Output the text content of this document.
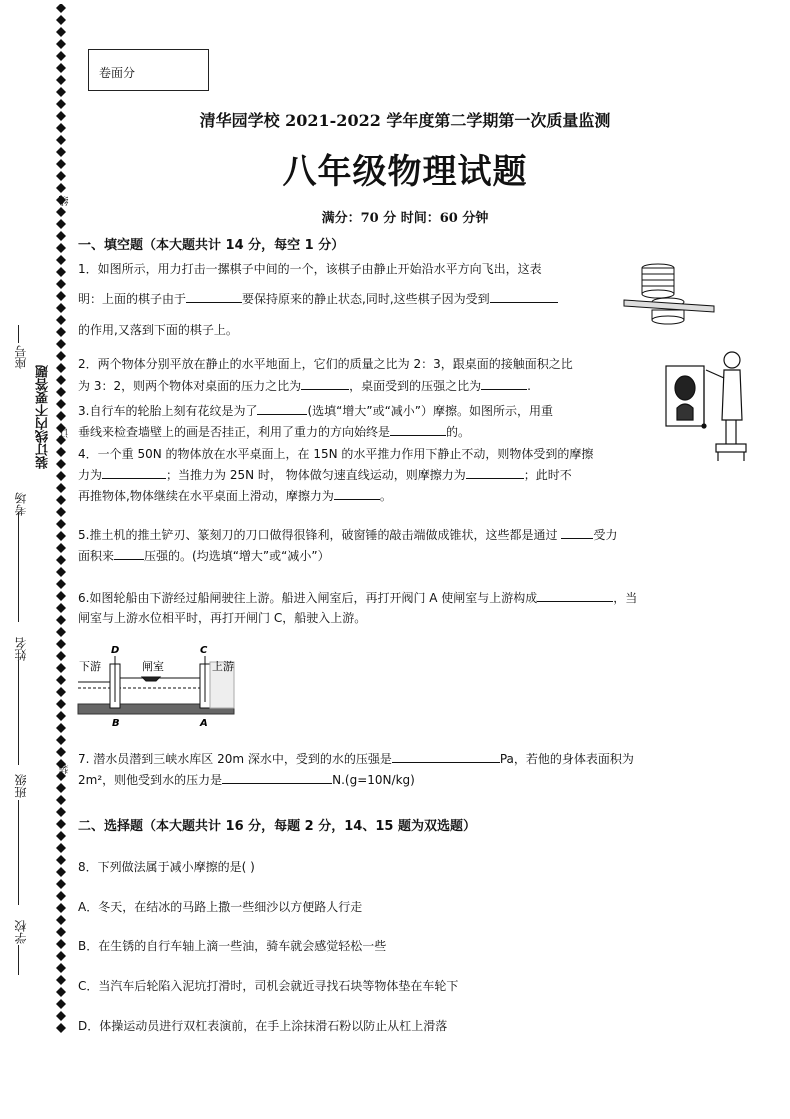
线
座号
装订线内不要答题 订
考场
姓名
装
班级
学校
卷面分
清华园学校 2021-2022 学年度第二学期第一次质量监测
八年级物理试题
满分：70 分 时间：60 分钟
一、填空题（本大题共计 14 分，每空 1 分）
1．如图所示，用力打击一摞棋子中间的一个，该棋子由静止开始沿水平方向飞出，这表
明：上面的棋子由于	要保持原来的静止状态,同时,这些棋子因为受到
的作用,又落到下面的棋子上。
2．两个物体分别平放在静止的水平地面上，它们的质量之比为 2：3，跟桌面的接触面积之比
为 3：2，则两个物体对桌面的压力之比为	，桌面受到的压强之比为	.
3.自行车的轮胎上刻有花纹是为了	(选填“增大”或“减小”）摩擦。如图所示，用重
垂线来检查墙壁上的画是否挂正，利用了重力的方向始终是	的。
4．一个重 50N 的物体放在水平桌面上，在 15N 的水平推力作用下静止不动，则物体受到的摩擦
力为	；当推力为 25N 时， 物体做匀速直线运动，则摩擦力为	；此时不
再推物体,物体继续在水平桌面上滑动，摩擦力为	。
5.推土机的推土铲刃、篆刻刀的刀口做得很锋利，破窗锤的敲击端做成锥状，这些都是通过	受力
面积来	压强的。(均选填“增大”或“减小”）
6.如图轮船由下游经过船闸驶往上游。船进入闸室后，再打开阀门 A 使闸室与上游构成	，当
闸室与上游水位相平时，再打开闸门 C，船驶入上游。
下游	闸室	上游
D	C
B	A
7. 潜水员潜到三峡水库区 20m 深水中，受到的水的压强是	Pa，若他的身体表面积为
2m²，则他受到水的压力是	N.(g=10N/kg)
二、选择题（本大题共计 16 分，每题 2 分，14、15 题为双选题）
8．下列做法属于减小摩擦的是( )
A．冬天，在结冰的马路上撒一些细沙以方便路人行走
B．在生锈的自行车轴上滴一些油，骑车就会感觉轻松一些
C．当汽车后轮陷入泥坑打滑时，司机会就近寻找石块等物体垫在车轮下
D．体操运动员进行双杠表演前，在手上涂抹滑石粉以防止从杠上滑落
